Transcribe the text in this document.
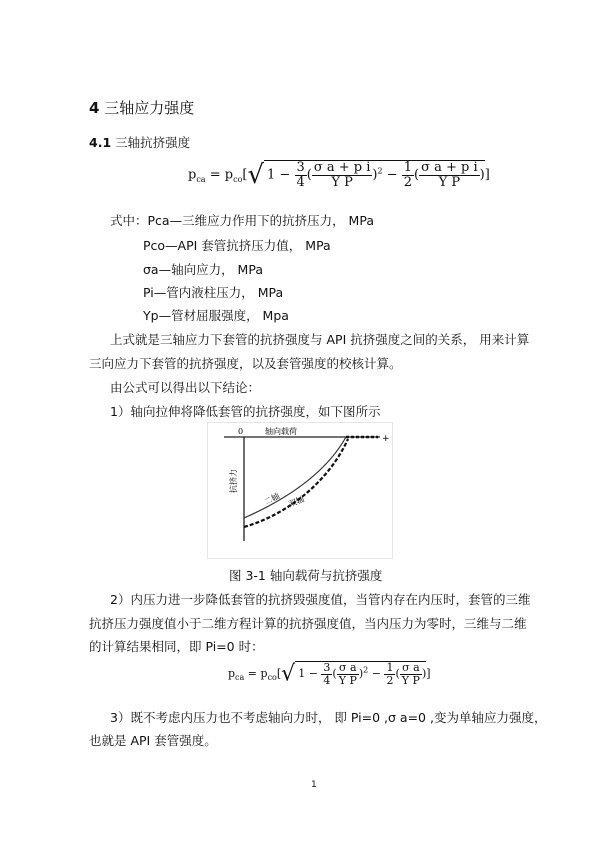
4 三轴应力强度
4.1 三轴抗挤强度
$p_{ca} = p_{co}[√$ $1 - \frac{3}{4}$ ( $\frac{\text{σ a + p i}}{\text{Y P}} )^2 - \frac{1}{2}$ ( $\frac{\text{σ a + p i}}{\text{Y P}}$ )]
式中：Pca—三维应力作用下的抗挤压力， MPa
Pco—API 套管抗挤压力值， MPa
σa—轴向应力， MPa
Pi—管内液柱压力， MPa
Yp—管材屈服强度， Mpa
上式就是三轴应力下套管的抗挤强度与 API 抗挤强度之间的关系， 用来计算
三向应力下套管的抗挤强度，以及套管强度的校核计算。
由公式可以得出以下结论：
1）轴向拉伸将降低套管的抗挤强度，如下图所示
0	轴向载荷
+
抗挤力
二轴 双轴
图 3-1 轴向载荷与抗挤强度
2）内压力进一步降低套管的抗挤毁强度值，当管内存在内压时，套管的三维
抗挤压力强度值小于二维方程计算的抗挤强度值，当内压力为零时，三维与二维
的计算结果相同，即 Pi=0 时：
$p_{ca} = p_{co}[√$ $1 - \frac{3}{4}$ ( $\frac{\text{σ a}}{\text{Y P}} )^2 - \frac{1}{2}$ ( $\frac{\text{σ a}}{\text{Y P}}$ )]
3）既不考虑内压力也不考虑轴向力时， 即 Pi=0 ,σ a=0 ,变为单轴应力强度，
也就是 API 套管强度。
1
